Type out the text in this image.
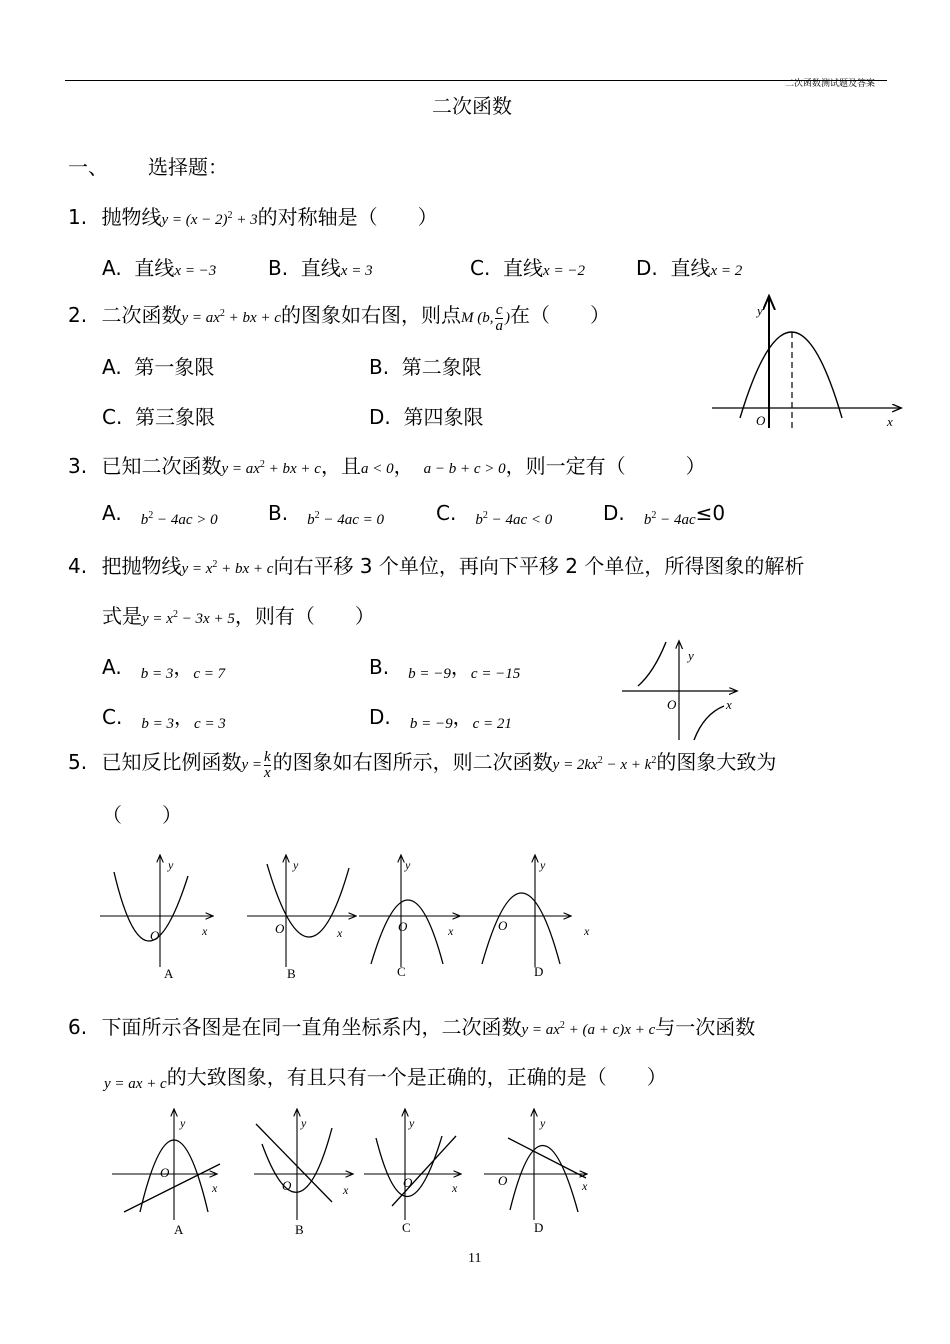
二次函数测试题及答案
二次函数
一、 选择题：
1. 抛物线$y = (x - 2)^2 + 3$的对称轴是（　　）
A. 直线x = −3	B. 直线x = 3	C. 直线x = −2	D. 直线x = 2
2. 二次函数$y = ax^2$ + bx + c的图象如右图，则点M (b, $\frac{c}{a}$ )在（　　）
A. 第一象限	B. 第二象限
C. 第三象限	D. 第四象限
y
x
O
3. 已知二次函数$y = ax^2$ + bx + c，且a < 0， a − b + c > 0，则一定有（　　　）
A. $_{b^2 - 4ac > 0}$	B. $_{b^2 - 4ac = 0}$	C. $_{b^2 - 4ac < 0}$	D. $_{b^2 - 4ac}$≤0
4. 把抛物线$y = x^2$ + bx + c向右平移 3 个单位，再向下平移 2 个单位，所得图象的解析
式是$y = x^2 - 3x + 5$，则有（　　）
A. $_{b = 3}$，$_{c = 7}$	B. $_{b = -9}$，$_{c = -15}$
C. $_{b = 3}$，$_{c = 3}$	D. $_{b = -9}$，$_{c = 21}$
y
x
O
5. 已知反比例函数$y = \frac{k}{x}$ 的图象如右图所示，则二次函数$y = 2kx^2 - x + k^2$的图象大致为
（　　）
y
x
O
A
y
x
O
B
y
x
O
C
y
x
O
D
6. 下面所示各图是在同一直角坐标系内，二次函数$y = ax^2 + (a + c)x + c$与一次函数
$_{y = ax + c}$的大致图象，有且只有一个是正确的，正确的是（　　）
y
x
O
A
y
x
O
B
y
x
O
C
y
x
O
D
11
